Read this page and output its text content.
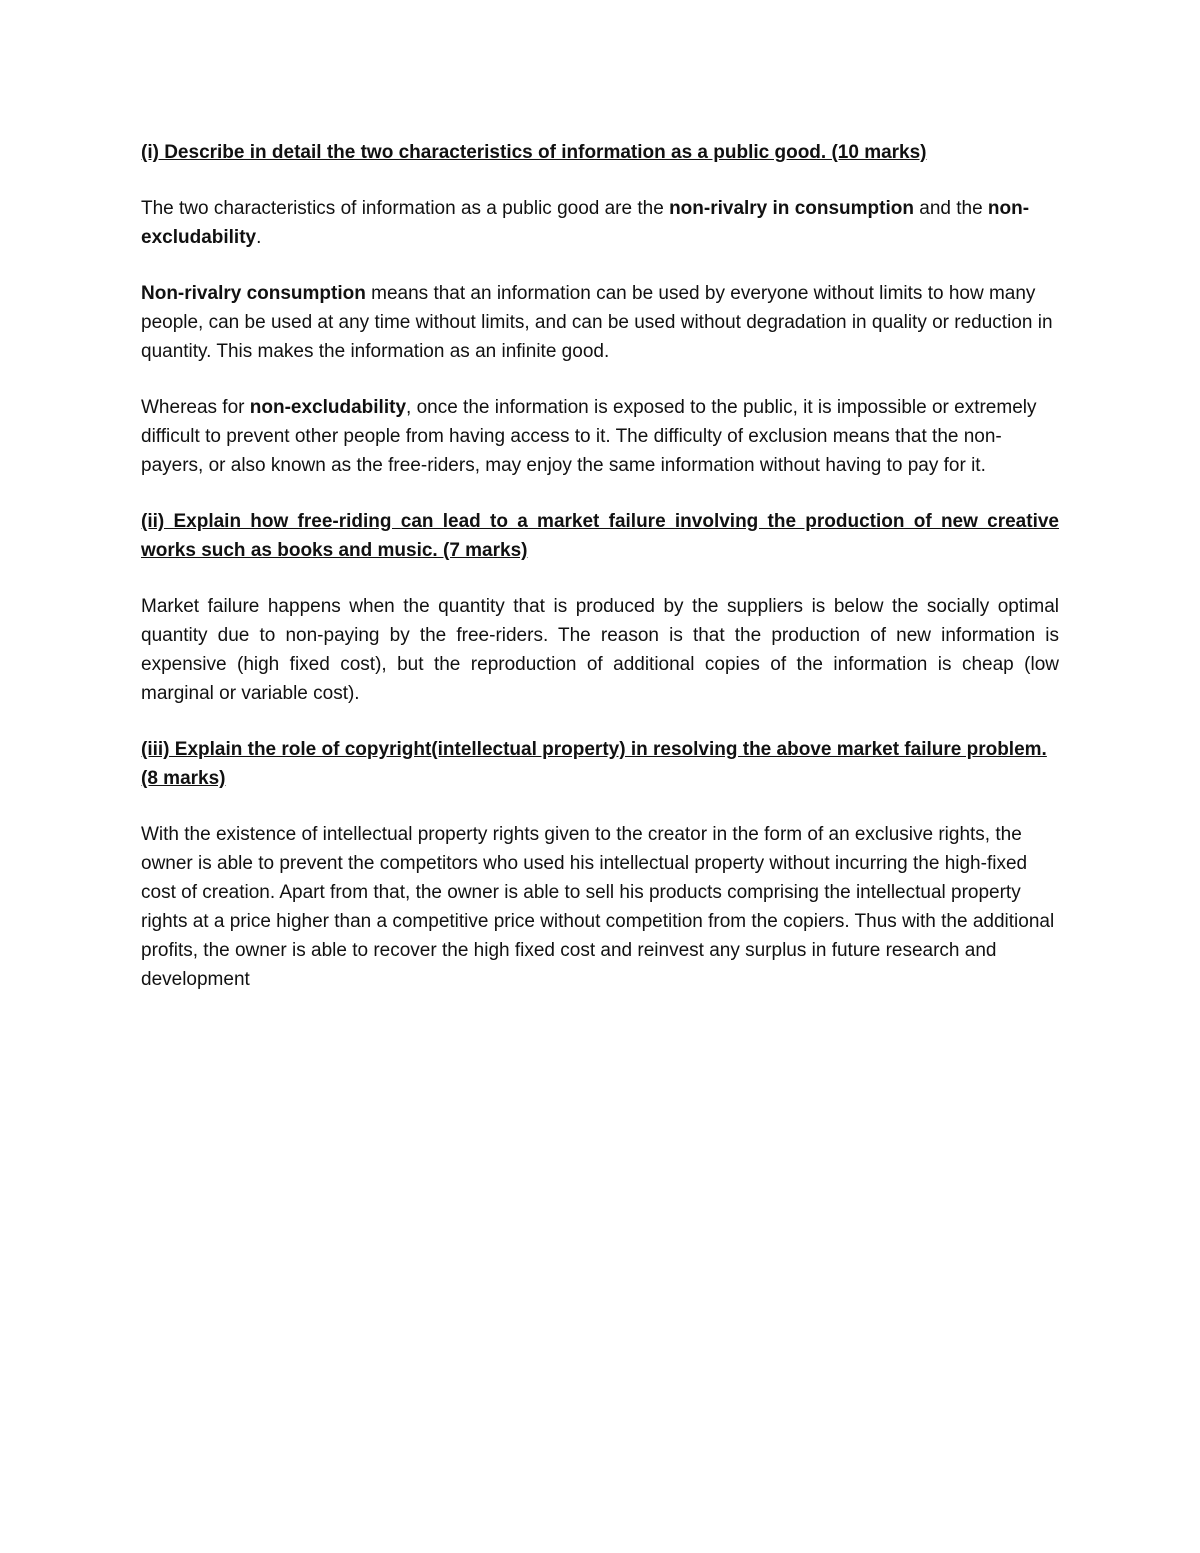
(i) Describe in detail the two characteristics of information as a public good. (10 marks)

The two characteristics of information as a public good are the non-rivalry in consumption and the non-excludability.

Non-rivalry consumption means that an information can be used by everyone without limits to how many people, can be used at any time without limits, and can be used without degradation in quality or reduction in quantity. This makes the information as an infinite good.

Whereas for non-excludability, once the information is exposed to the public, it is impossible or extremely difficult to prevent other people from having access to it. The difficulty of exclusion means that the non-payers, or also known as the free-riders, may enjoy the same information without having to pay for it.

(ii) Explain how free-riding can lead to a market failure involving the production of new creative works such as books and music. (7 marks)

Market failure happens when the quantity that is produced by the suppliers is below the socially optimal quantity due to non-paying by the free-riders. The reason is that the production of new information is expensive (high fixed cost), but the reproduction of additional copies of the information is cheap (low marginal or variable cost).

(iii) Explain the role of copyright(intellectual property) in resolving the above market failure problem. (8 marks)

With the existence of intellectual property rights given to the creator in the form of an exclusive rights, the owner is able to prevent the competitors who used his intellectual property without incurring the high-fixed cost of creation. Apart from that, the owner is able to sell his products comprising the intellectual property rights at a price higher than a competitive price without competition from the copiers. Thus with the additional profits, the owner is able to recover the high fixed cost and reinvest any surplus in future research and development
